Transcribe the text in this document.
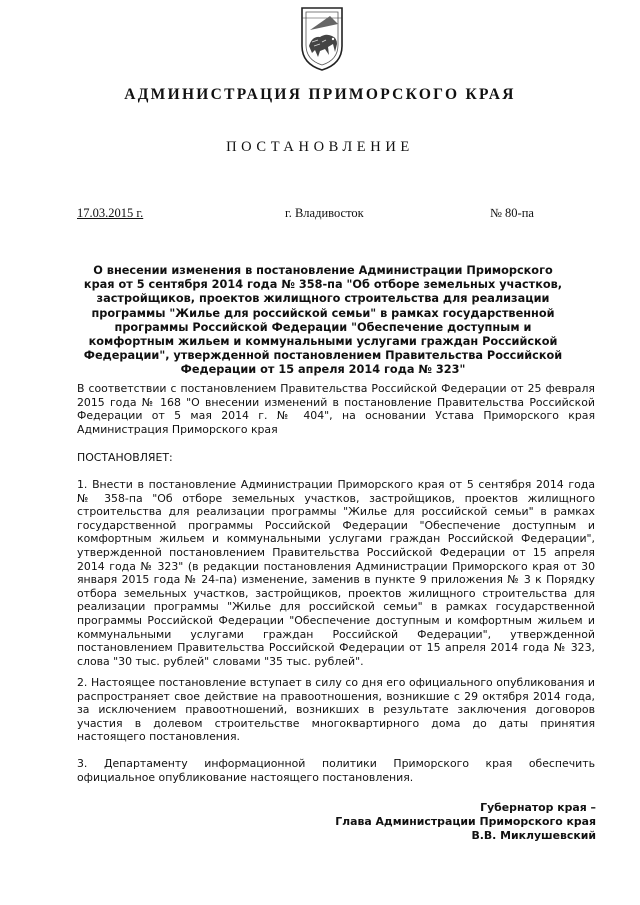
АДМИНИСТРАЦИЯ ПРИМОРСКОГО КРАЯ
ПОСТАНОВЛЕНИЕ
17.03.2015 г.	г. Владивосток	№ 80-па

О внесении изменения в постановление Администрации Приморского края от 5 сентября 2014 года № 358-па "Об отборе земельных участков, застройщиков, проектов жилищного строительства для реализации программы "Жилье для российской семьи" в рамках государственной программы Российской Федерации "Обеспечение доступным и комфортным жильем и коммунальными услугами граждан Российской Федерации", утвержденной постановлением Правительства Российской Федерации от 15 апреля 2014 года № 323"

В соответствии с постановлением Правительства Российской Федерации от 25 февраля 2015 года № 168 "О внесении изменений в постановление Правительства Российской Федерации от 5 мая 2014 г. № 404", на основании Устава Приморского края Администрация Приморского края

ПОСТАНОВЛЯЕТ:

1. Внести в постановление Администрации Приморского края от 5 сентября 2014 года № 358-па "Об отборе земельных участков, застройщиков, проектов жилищного строительства для реализации программы "Жилье для российской семьи" в рамках государственной программы Российской Федерации "Обеспечение доступным и комфортным жильем и коммунальными услугами граждан Российской Федерации", утвержденной постановлением Правительства Российской Федерации от 15 апреля 2014 года № 323" (в редакции постановления Администрации Приморского края от 30 января 2015 года № 24-па) изменение, заменив в пункте 9 приложения № 3 к Порядку отбора земельных участков, застройщиков, проектов жилищного строительства для реализации программы "Жилье для российской семьи" в рамках государственной программы Российской Федерации "Обеспечение доступным и комфортным жильем и коммунальными услугами граждан Российской Федерации", утвержденной постановлением Правительства Российской Федерации от 15 апреля 2014 года № 323, слова "30 тыс. рублей" словами "35 тыс. рублей".

2. Настоящее постановление вступает в силу со дня его официального опубликования и распространяет свое действие на правоотношения, возникшие с 29 октября 2014 года, за исключением правоотношений, возникших в результате заключения договоров участия в долевом строительстве многоквартирного дома до даты принятия настоящего постановления.

3. Департаменту информационной политики Приморского края обеспечить официальное опубликование настоящего постановления.

Губернатор края –
Глава Администрации Приморского края
В.В. Миклушевский
